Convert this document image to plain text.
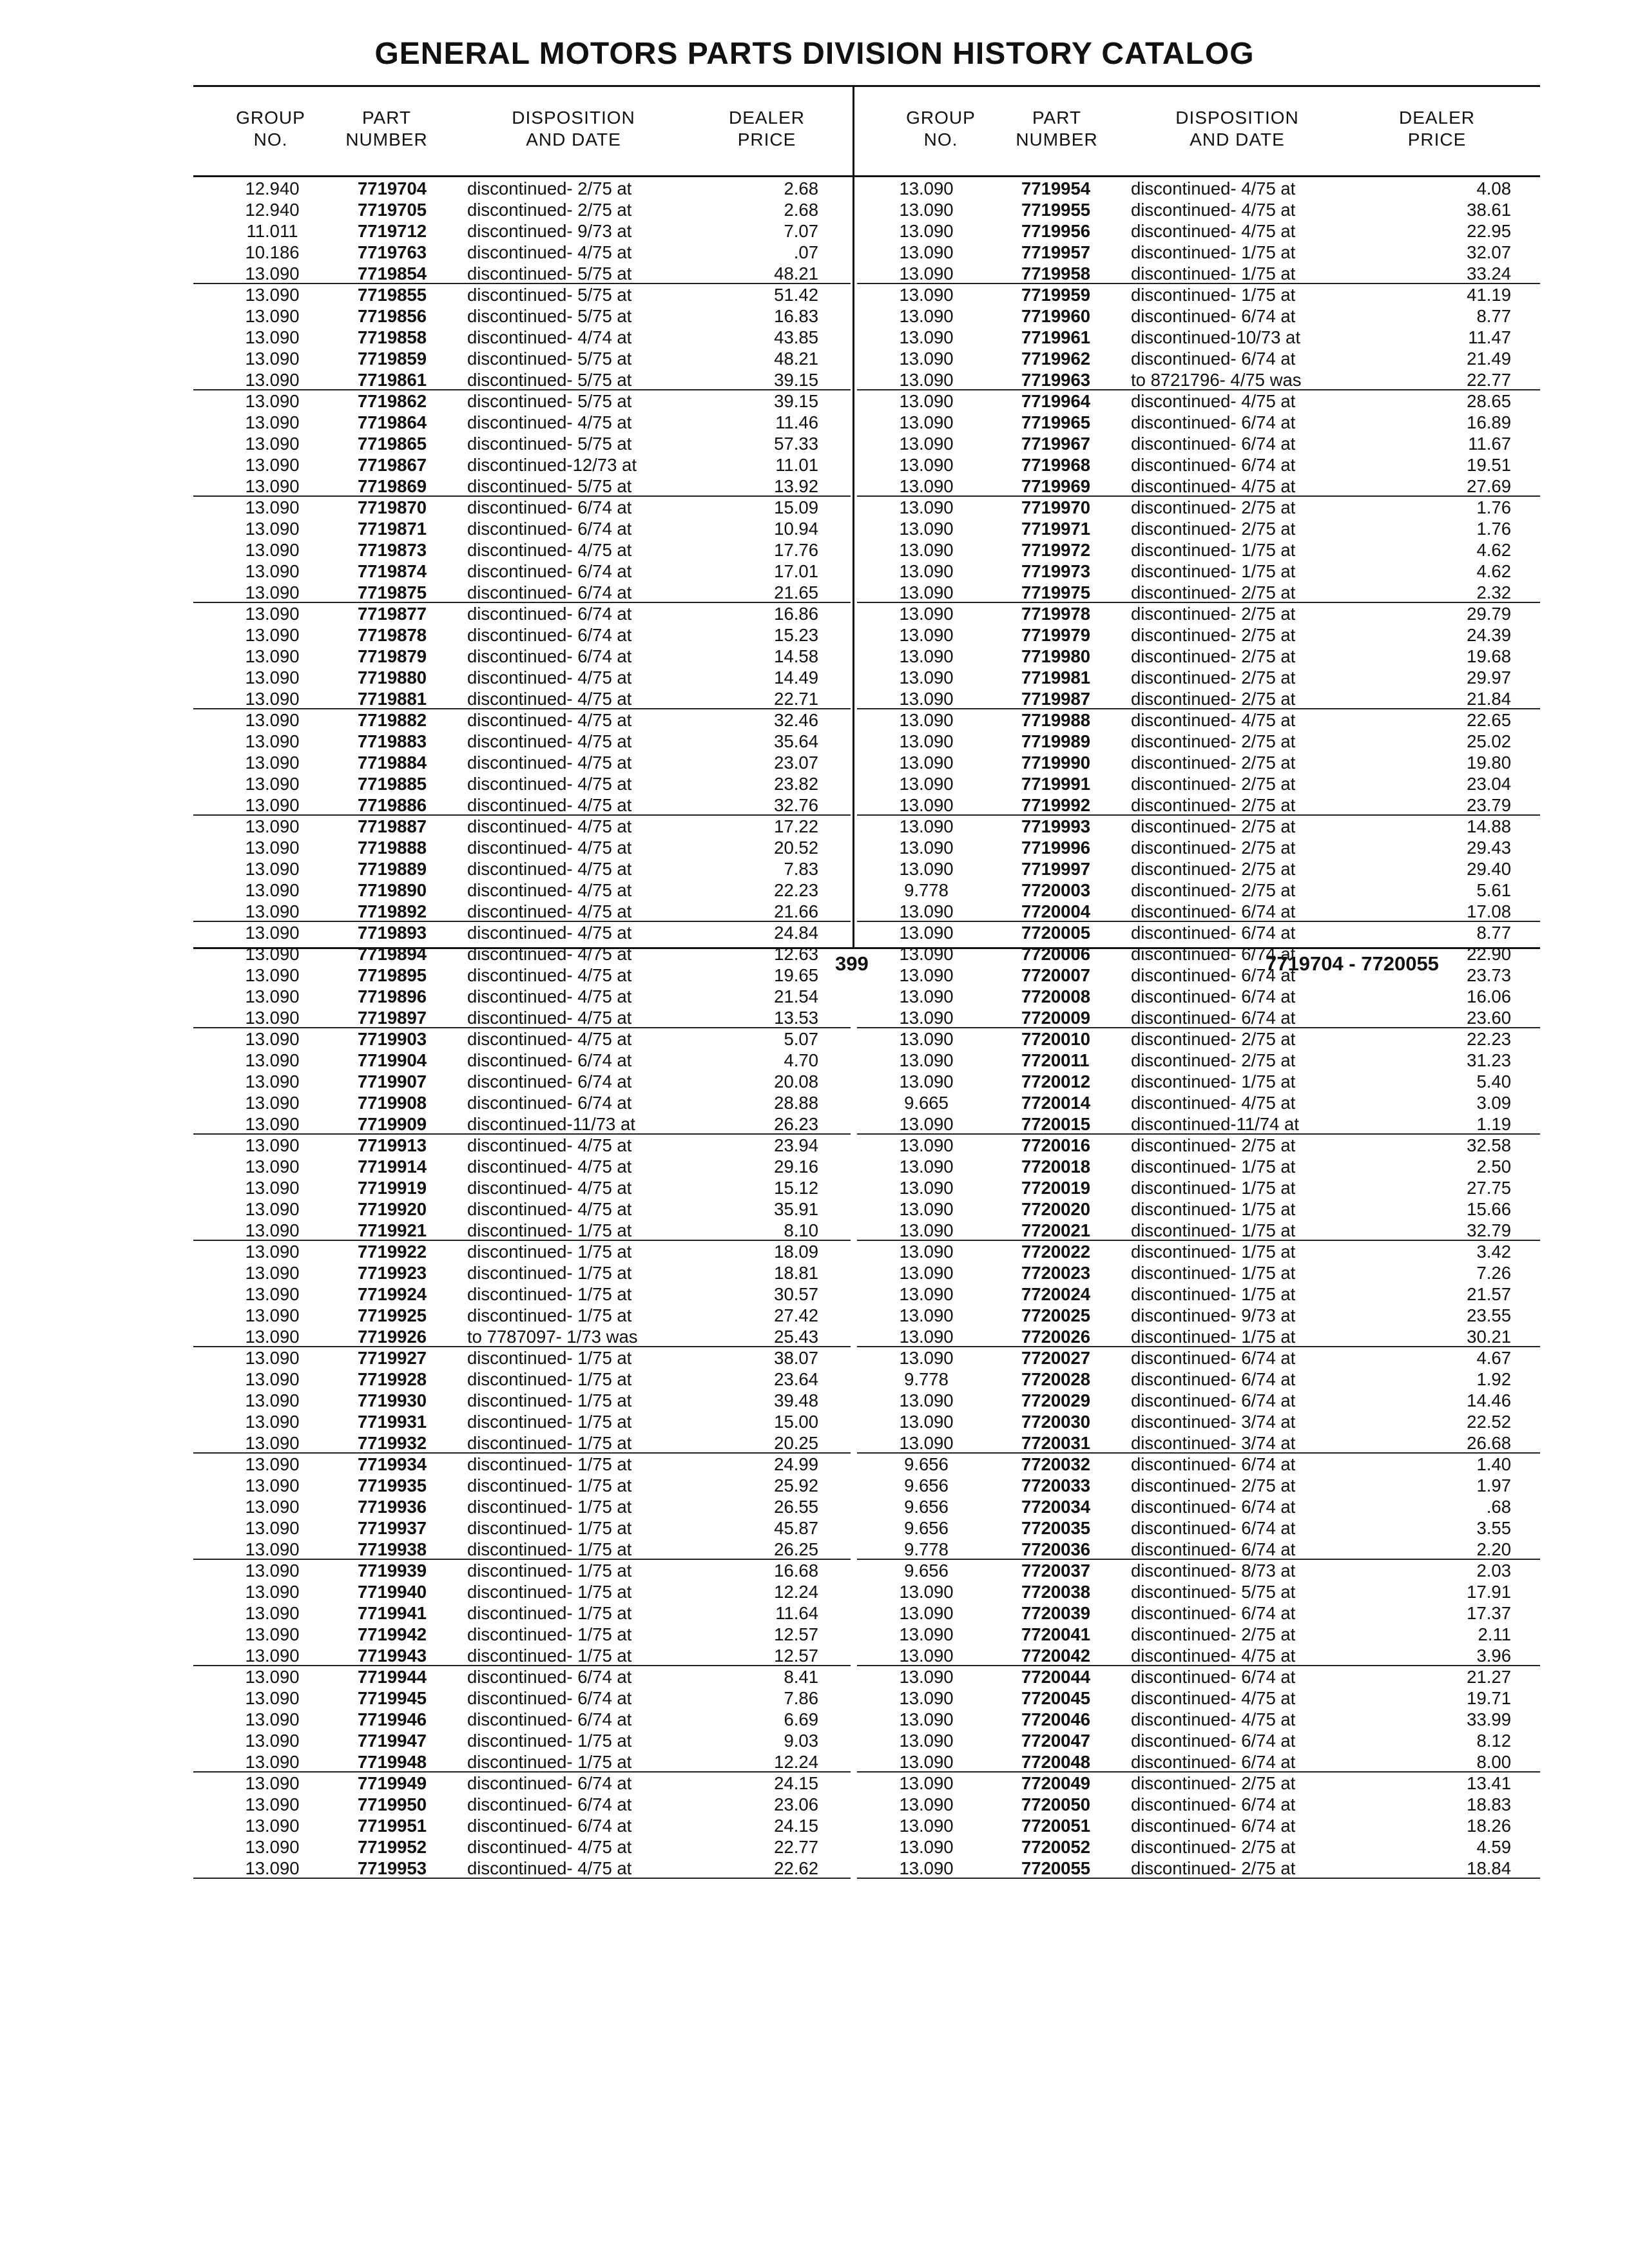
GENERAL MOTORS PARTS DIVISION HISTORY CATALOG
GROUP
NO.
PART
NUMBER
DISPOSITION
AND DATE
DEALER
PRICE
GROUP
NO.
PART
NUMBER
DISPOSITION
AND DATE
DEALER
PRICE
12.940	7719704 discontinued- 2/75 at	2.68
12.940	7719705 discontinued- 2/75 at	2.68
11.011	7719712 discontinued- 9/73 at	7.07
10.186	7719763 discontinued- 4/75 at	.07
13.090	7719854 discontinued- 5/75 at	48.21
13.090	7719855 discontinued- 5/75 at	51.42
13.090	7719856 discontinued- 5/75 at	16.83
13.090	7719858 discontinued- 4/74 at	43.85
13.090	7719859 discontinued- 5/75 at	48.21
13.090	7719861 discontinued- 5/75 at	39.15
13.090	7719862 discontinued- 5/75 at	39.15
13.090	7719864 discontinued- 4/75 at	11.46
13.090	7719865 discontinued- 5/75 at	57.33
13.090	7719867 discontinued-12/73 at	11.01
13.090	7719869 discontinued- 5/75 at	13.92
13.090	7719870 discontinued- 6/74 at	15.09
13.090	7719871 discontinued- 6/74 at	10.94
13.090	7719873 discontinued- 4/75 at	17.76
13.090	7719874 discontinued- 6/74 at	17.01
13.090	7719875 discontinued- 6/74 at	21.65
13.090	7719877 discontinued- 6/74 at	16.86
13.090	7719878 discontinued- 6/74 at	15.23
13.090	7719879 discontinued- 6/74 at	14.58
13.090	7719880 discontinued- 4/75 at	14.49
13.090	7719881 discontinued- 4/75 at	22.71
13.090	7719882 discontinued- 4/75 at	32.46
13.090	7719883 discontinued- 4/75 at	35.64
13.090	7719884 discontinued- 4/75 at	23.07
13.090	7719885 discontinued- 4/75 at	23.82
13.090	7719886 discontinued- 4/75 at	32.76
13.090	7719887 discontinued- 4/75 at	17.22
13.090	7719888 discontinued- 4/75 at	20.52
13.090	7719889 discontinued- 4/75 at	7.83
13.090	7719890 discontinued- 4/75 at	22.23
13.090	7719892 discontinued- 4/75 at	21.66
13.090	7719893 discontinued- 4/75 at	24.84
13.090	7719894 discontinued- 4/75 at	12.63
13.090	7719895 discontinued- 4/75 at	19.65
13.090	7719896 discontinued- 4/75 at	21.54
13.090	7719897 discontinued- 4/75 at	13.53
13.090	7719903 discontinued- 4/75 at	5.07
13.090	7719904 discontinued- 6/74 at	4.70
13.090	7719907 discontinued- 6/74 at	20.08
13.090	7719908 discontinued- 6/74 at	28.88
13.090	7719909 discontinued-11/73 at	26.23
13.090	7719913 discontinued- 4/75 at	23.94
13.090	7719914 discontinued- 4/75 at	29.16
13.090	7719919 discontinued- 4/75 at	15.12
13.090	7719920 discontinued- 4/75 at	35.91
13.090	7719921 discontinued- 1/75 at	8.10
13.090	7719922 discontinued- 1/75 at	18.09
13.090	7719923 discontinued- 1/75 at	18.81
13.090	7719924 discontinued- 1/75 at	30.57
13.090	7719925 discontinued- 1/75 at	27.42
13.090	7719926 to 7787097- 1/73 was	25.43
13.090	7719927 discontinued- 1/75 at	38.07
13.090	7719928 discontinued- 1/75 at	23.64
13.090	7719930 discontinued- 1/75 at	39.48
13.090	7719931 discontinued- 1/75 at	15.00
13.090	7719932 discontinued- 1/75 at	20.25
13.090	7719934 discontinued- 1/75 at	24.99
13.090	7719935 discontinued- 1/75 at	25.92
13.090	7719936 discontinued- 1/75 at	26.55
13.090	7719937 discontinued- 1/75 at	45.87
13.090	7719938 discontinued- 1/75 at	26.25
13.090	7719939 discontinued- 1/75 at	16.68
13.090	7719940 discontinued- 1/75 at	12.24
13.090	7719941 discontinued- 1/75 at	11.64
13.090	7719942 discontinued- 1/75 at	12.57
13.090	7719943 discontinued- 1/75 at	12.57
13.090	7719944 discontinued- 6/74 at	8.41
13.090	7719945 discontinued- 6/74 at	7.86
13.090	7719946 discontinued- 6/74 at	6.69
13.090	7719947 discontinued- 1/75 at	9.03
13.090	7719948 discontinued- 1/75 at	12.24
13.090	7719949 discontinued- 6/74 at	24.15
13.090	7719950 discontinued- 6/74 at	23.06
13.090	7719951 discontinued- 6/74 at	24.15
13.090	7719952 discontinued- 4/75 at	22.77
13.090	7719953 discontinued- 4/75 at	22.62
13.090	7719954 discontinued- 4/75 at	4.08
13.090	7719955 discontinued- 4/75 at	38.61
13.090	7719956 discontinued- 4/75 at	22.95
13.090	7719957 discontinued- 1/75 at	32.07
13.090	7719958 discontinued- 1/75 at	33.24
13.090	7719959 discontinued- 1/75 at	41.19
13.090	7719960 discontinued- 6/74 at	8.77
13.090	7719961 discontinued-10/73 at	11.47
13.090	7719962 discontinued- 6/74 at	21.49
13.090	7719963 to 8721796- 4/75 was	22.77
13.090	7719964 discontinued- 4/75 at	28.65
13.090	7719965 discontinued- 6/74 at	16.89
13.090	7719967 discontinued- 6/74 at	11.67
13.090	7719968 discontinued- 6/74 at	19.51
13.090	7719969 discontinued- 4/75 at	27.69
13.090	7719970 discontinued- 2/75 at	1.76
13.090	7719971 discontinued- 2/75 at	1.76
13.090	7719972 discontinued- 1/75 at	4.62
13.090	7719973 discontinued- 1/75 at	4.62
13.090	7719975 discontinued- 2/75 at	2.32
13.090	7719978 discontinued- 2/75 at	29.79
13.090	7719979 discontinued- 2/75 at	24.39
13.090	7719980 discontinued- 2/75 at	19.68
13.090	7719981 discontinued- 2/75 at	29.97
13.090	7719987 discontinued- 2/75 at	21.84
13.090	7719988 discontinued- 4/75 at	22.65
13.090	7719989 discontinued- 2/75 at	25.02
13.090	7719990 discontinued- 2/75 at	19.80
13.090	7719991 discontinued- 2/75 at	23.04
13.090	7719992 discontinued- 2/75 at	23.79
13.090	7719993 discontinued- 2/75 at	14.88
13.090	7719996 discontinued- 2/75 at	29.43
13.090	7719997 discontinued- 2/75 at	29.40
9.778	7720003 discontinued- 2/75 at	5.61
13.090	7720004 discontinued- 6/74 at	17.08
13.090	7720005 discontinued- 6/74 at	8.77
13.090	7720006 discontinued- 6/74 at	22.90
13.090	7720007 discontinued- 6/74 at	23.73
13.090	7720008 discontinued- 6/74 at	16.06
13.090	7720009 discontinued- 6/74 at	23.60
13.090	7720010 discontinued- 2/75 at	22.23
13.090	7720011 discontinued- 2/75 at	31.23
13.090	7720012 discontinued- 1/75 at	5.40
9.665	7720014 discontinued- 4/75 at	3.09
13.090	7720015 discontinued-11/74 at	1.19
13.090	7720016 discontinued- 2/75 at	32.58
13.090	7720018 discontinued- 1/75 at	2.50
13.090	7720019 discontinued- 1/75 at	27.75
13.090	7720020 discontinued- 1/75 at	15.66
13.090	7720021 discontinued- 1/75 at	32.79
13.090	7720022 discontinued- 1/75 at	3.42
13.090	7720023 discontinued- 1/75 at	7.26
13.090	7720024 discontinued- 1/75 at	21.57
13.090	7720025 discontinued- 9/73 at	23.55
13.090	7720026 discontinued- 1/75 at	30.21
13.090	7720027 discontinued- 6/74 at	4.67
9.778	7720028 discontinued- 6/74 at	1.92
13.090	7720029 discontinued- 6/74 at	14.46
13.090	7720030 discontinued- 3/74 at	22.52
13.090	7720031 discontinued- 3/74 at	26.68
9.656	7720032 discontinued- 6/74 at	1.40
9.656	7720033 discontinued- 2/75 at	1.97
9.656	7720034 discontinued- 6/74 at	.68
9.656	7720035 discontinued- 6/74 at	3.55
9.778	7720036 discontinued- 6/74 at	2.20
9.656	7720037 discontinued- 8/73 at	2.03
13.090	7720038 discontinued- 5/75 at	17.91
13.090	7720039 discontinued- 6/74 at	17.37
13.090	7720041 discontinued- 2/75 at	2.11
13.090	7720042 discontinued- 4/75 at	3.96
13.090	7720044 discontinued- 6/74 at	21.27
13.090	7720045 discontinued- 4/75 at	19.71
13.090	7720046 discontinued- 4/75 at	33.99
13.090	7720047 discontinued- 6/74 at	8.12
13.090	7720048 discontinued- 6/74 at	8.00
13.090	7720049 discontinued- 2/75 at	13.41
13.090	7720050 discontinued- 6/74 at	18.83
13.090	7720051 discontinued- 6/74 at	18.26
13.090	7720052 discontinued- 2/75 at	4.59
13.090	7720055 discontinued- 2/75 at	18.84
399	7719704 - 7720055
